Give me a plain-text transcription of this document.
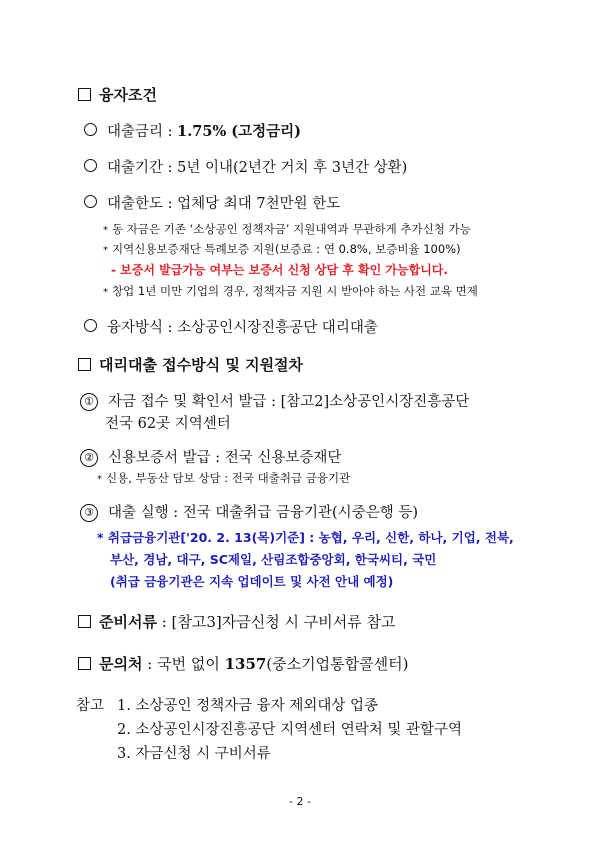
융자조건
대출금리 : 1.75% (고정금리)
대출기간 : 5년 이내(2년간 거치 후 3년간 상환)
대출한도 : 업체당 최대 7천만원 한도
* 동 자금은 기존 ‘소상공인 정책자금’ 지원내역과 무관하게 추가신청 가능
* 지역신용보증재단 특례보증 지원(보증료 : 연 0.8%, 보증비율 100%)
- 보증서 발급가능 여부는 보증서 신청 상담 후 확인 가능합니다.
* 창업 1년 미만 기업의 경우, 정책자금 지원 시 받아야 하는 사전 교육 면제
융자방식 : 소상공인시장진흥공단 대리대출
대리대출 접수방식 및 지원절차
① 자금 접수 및 확인서 발급 : [참고2]소상공인시장진흥공단
전국 62곳 지역센터
② 신용보증서 발급 : 전국 신용보증재단
* 신용, 부동산 담보 상담 : 전국 대출취급 금융기관
③ 대출 실행 : 전국 대출취급 금융기관(시중은행 등)
* 취급금융기관['20. 2. 13(목)기준] : 농협, 우리, 신한, 하나, 기업, 전북,
부산, 경남, 대구, SC제일, 산림조합중앙회, 한국씨티, 국민
(취급 금융기관은 지속 업데이트 및 사전 안내 예정)
준비서류 : [참고3]자금신청 시 구비서류 참고
문의처 : 국번 없이 1357(중소기업통합콜센터)
참고 1. 소상공인 정책자금 융자 제외대상 업종
2. 소상공인시장진흥공단 지역센터 연락처 및 관할구역
3. 자금신청 시 구비서류
- 2 -
